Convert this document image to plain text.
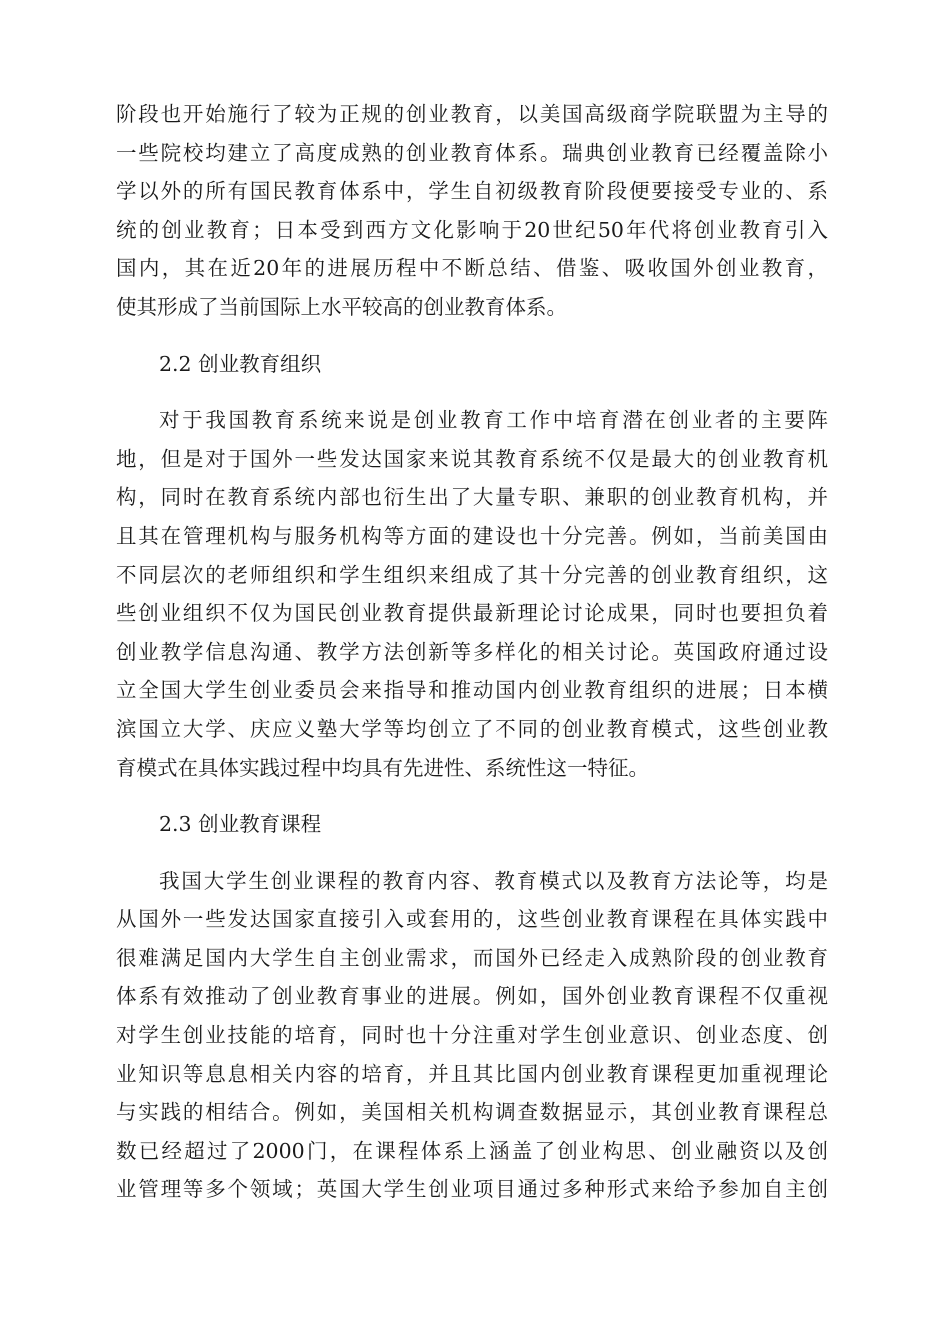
阶段也开始施行了较为正规的创业教育，以美国高级商学院联盟为主导的
一些院校均建立了高度成熟的创业教育体系。瑞典创业教育已经覆盖除小
学以外的所有国民教育体系中，学生自初级教育阶段便要接受专业的、系
统的创业教育；日本受到西方文化影响于20世纪50年代将创业教育引入
国内，其在近20年的进展历程中不断总结、借鉴、吸收国外创业教育，
使其形成了当前国际上水平较高的创业教育体系。
2.2 创业教育组织
对于我国教育系统来说是创业教育工作中培育潜在创业者的主要阵
地，但是对于国外一些发达国家来说其教育系统不仅是最大的创业教育机
构，同时在教育系统内部也衍生出了大量专职、兼职的创业教育机构，并
且其在管理机构与服务机构等方面的建设也十分完善。例如，当前美国由
不同层次的老师组织和学生组织来组成了其十分完善的创业教育组织，这
些创业组织不仅为国民创业教育提供最新理论讨论成果，同时也要担负着
创业教学信息沟通、教学方法创新等多样化的相关讨论。英国政府通过设
立全国大学生创业委员会来指导和推动国内创业教育组织的进展；日本横
滨国立大学、庆应义塾大学等均创立了不同的创业教育模式，这些创业教
育模式在具体实践过程中均具有先进性、系统性这一特征。
2.3 创业教育课程
我国大学生创业课程的教育内容、教育模式以及教育方法论等，均是
从国外一些发达国家直接引入或套用的，这些创业教育课程在具体实践中
很难满足国内大学生自主创业需求，而国外已经走入成熟阶段的创业教育
体系有效推动了创业教育事业的进展。例如，国外创业教育课程不仅重视
对学生创业技能的培育，同时也十分注重对学生创业意识、创业态度、创
业知识等息息相关内容的培育，并且其比国内创业教育课程更加重视理论
与实践的相结合。例如，美国相关机构调查数据显示，其创业教育课程总
数已经超过了2000门，在课程体系上涵盖了创业构思、创业融资以及创
业管理等多个领域；英国大学生创业项目通过多种形式来给予参加自主创
